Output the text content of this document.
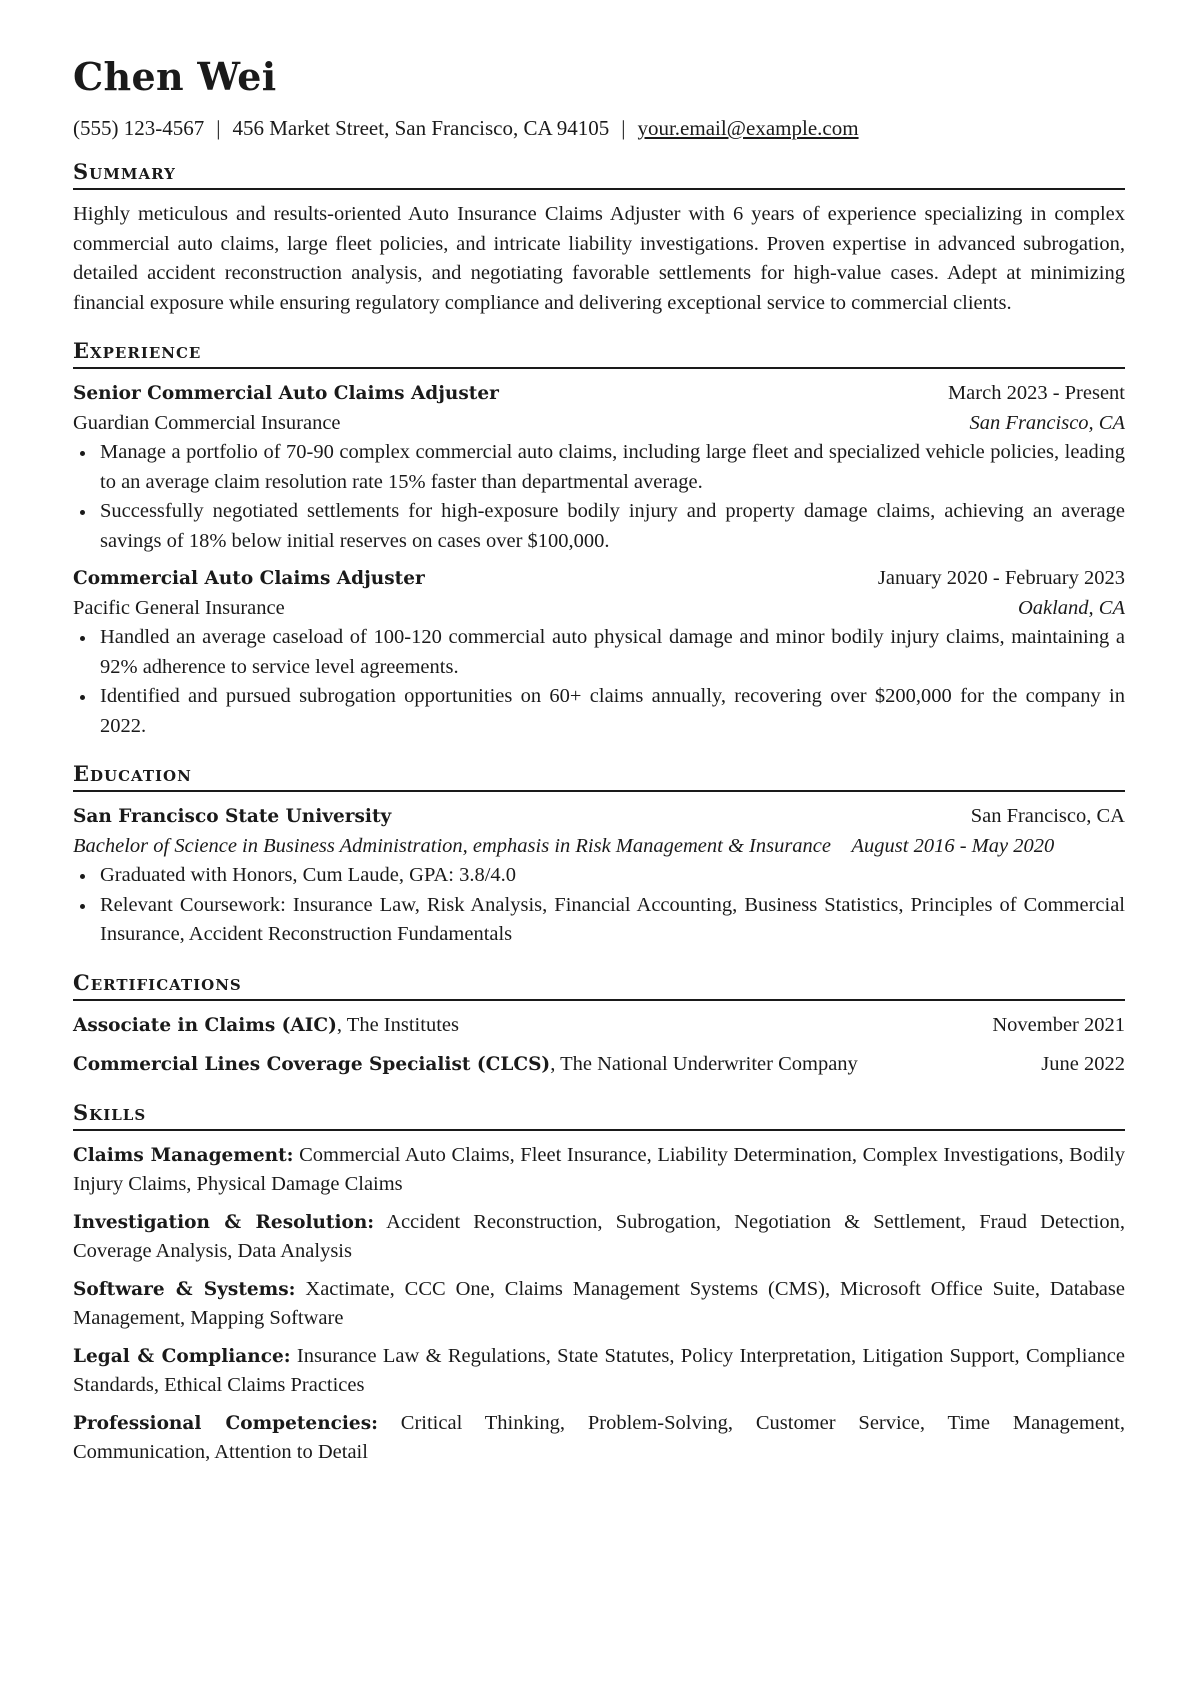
Chen Wei
(555) 123-4567 | 456 Market Street, San Francisco, CA 94105 | your.email@example.com
Summary

Highly meticulous and results-oriented Auto Insurance Claims Adjuster with 6 years of experience specializing in complex commercial auto claims, large fleet policies, and intricate liability investigations. Proven expertise in advanced subrogation, detailed accident reconstruction analysis, and negotiating favorable settlements for high-value cases. Adept at minimizing financial exposure while ensuring regulatory compliance and delivering exceptional service to commercial clients.

Experience
Senior Commercial Auto Claims Adjuster	March 2023 - Present
Guardian Commercial Insurance	San Francisco, CA
Manage a portfolio of 70-90 complex commercial auto claims, including large fleet and specialized vehicle policies, leading to an average claim resolution rate 15% faster than departmental average.
Successfully negotiated settlements for high-exposure bodily injury and property damage claims, achieving an average savings of 18% below initial reserves on cases over $100,000.
Commercial Auto Claims Adjuster	January 2020 - February 2023
Pacific General Insurance	Oakland, CA
Handled an average caseload of 100-120 commercial auto physical damage and minor bodily injury claims, maintaining a 92% adherence to service level agreements.
Identified and pursued subrogation opportunities on 60+ claims annually, recovering over $200,000 for the company in 2022.
Education
San Francisco State University	San Francisco, CA
Bachelor of Science in Business Administration, emphasis in Risk Management & Insurance August 2016 - May 2020
Graduated with Honors, Cum Laude, GPA: 3.8/4.0
Relevant Coursework: Insurance Law, Risk Analysis, Financial Accounting, Business Statistics, Principles of Commercial Insurance, Accident Reconstruction Fundamentals
Certifications
Associate in Claims (AIC), The Institutes	November 2021
Commercial Lines Coverage Specialist (CLCS), The National Underwriter Company	June 2022
Skills

Claims Management: Commercial Auto Claims, Fleet Insurance, Liability Determination, Complex Investigations, Bodily Injury Claims, Physical Damage Claims

Investigation & Resolution: Accident Reconstruction, Subrogation, Negotiation & Settlement, Fraud Detection, Coverage Analysis, Data Analysis

Software & Systems: Xactimate, CCC One, Claims Management Systems (CMS), Microsoft Office Suite, Database Management, Mapping Software

Legal & Compliance: Insurance Law & Regulations, State Statutes, Policy Interpretation, Litigation Support, Compliance Standards, Ethical Claims Practices

Professional Competencies: Critical Thinking, Problem-Solving, Customer Service, Time Management, Communication, Attention to Detail
